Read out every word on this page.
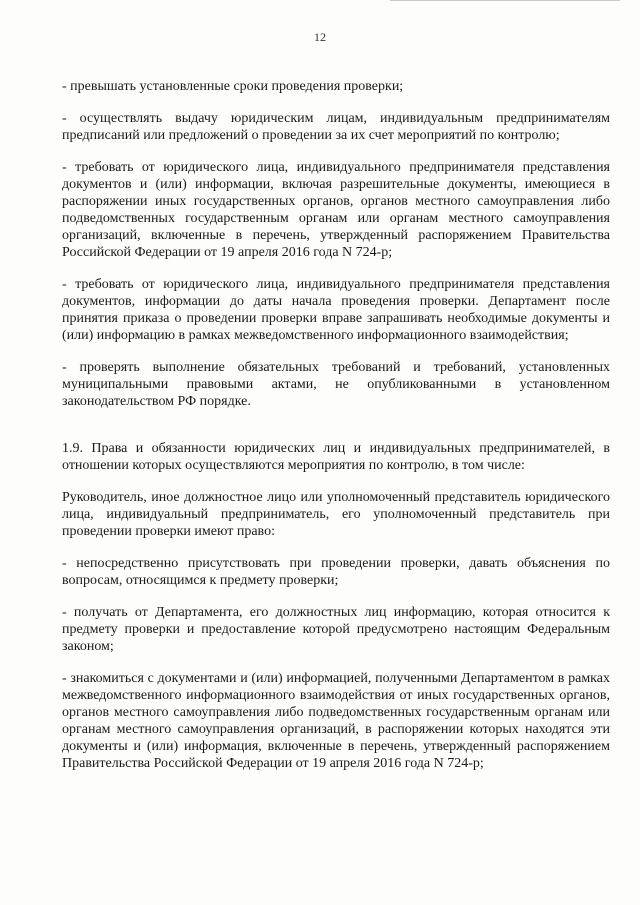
12

- превышать установленные сроки проведения проверки;

- осуществлять выдачу юридическим лицам, индивидуальным предпринимателям предписаний или предложений о проведении за их счет мероприятий по контролю;

- требовать от юридического лица, индивидуального предпринимателя представления документов и (или) информации, включая разрешительные документы, имеющиеся в распоряжении иных государственных органов, органов местного самоуправления либо подведомственных государственным органам или органам местного самоуправления организаций, включенные в перечень, утвержденный распоряжением Правительства Российской Федерации от 19 апреля 2016 года N 724-р;

- требовать от юридического лица, индивидуального предпринимателя представления документов, информации до даты начала проведения проверки. Департамент после принятия приказа о проведении проверки вправе запрашивать необходимые документы и (или) информацию в рамках межведомственного информационного взаимодействия;

- проверять выполнение обязательных требований и требований, установленных муниципальными правовыми актами, не опубликованными в установленном законодательством РФ порядке.

1.9. Права и обязанности юридических лиц и индивидуальных предпринимателей, в отношении которых осуществляются мероприятия по контролю, в том числе:

Руководитель, иное должностное лицо или уполномоченный представитель юридического лица, индивидуальный предприниматель, его уполномоченный представитель при проведении проверки имеют право:

- непосредственно присутствовать при проведении проверки, давать объяснения по вопросам, относящимся к предмету проверки;

- получать от Департамента, его должностных лиц информацию, которая относится к предмету проверки и предоставление которой предусмотрено настоящим Федеральным законом;

- знакомиться с документами и (или) информацией, полученными Департаментом в рамках межведомственного информационного взаимодействия от иных государственных органов, органов местного самоуправления либо подведомственных государственным органам или органам местного самоуправления организаций, в распоряжении которых находятся эти документы и (или) информация, включенные в перечень, утвержденный распоряжением Правительства Российской Федерации от 19 апреля 2016 года N 724-р;
